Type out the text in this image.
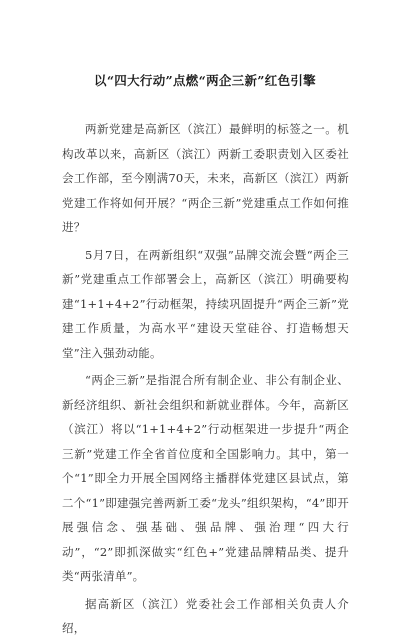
以“四大行动”点燃“两企三新”红色引擎

两新党建是高新区（滨江）最鲜明的标签之一。机构改革以来，高新区（滨江）两新工委职责划入区委社会工作部，至今刚满70天，未来，高新区（滨江）两新党建工作将如何开展？“两企三新”党建重点工作如何推进？

5月7日，在两新组织“双强”品牌交流会暨“两企三新”党建重点工作部署会上，高新区（滨江）明确要构建“1+1+4+2”行动框架，持续巩固提升“两企三新”党建工作质量，为高水平“建设天堂硅谷、打造畅想天堂”注入强劲动能。

“两企三新”是指混合所有制企业、非公有制企业、新经济组织、新社会组织和新就业群体。今年，高新区（滨江）将以“1+1+4+2”行动框架进一步提升“两企三新”党建工作全省首位度和全国影响力。其中，第一个“1”即全力开展全国网络主播群体党建区县试点，第二个“1”即建强完善两新工委“龙头”组织架构，“4”即开展强信念、强基础、强品牌、强治理“四大行动”，“2”即抓深做实“红色+”党建品牌精品类、提升类“两张清单”。

据高新区（滨江）党委社会工作部相关负责人介绍，
